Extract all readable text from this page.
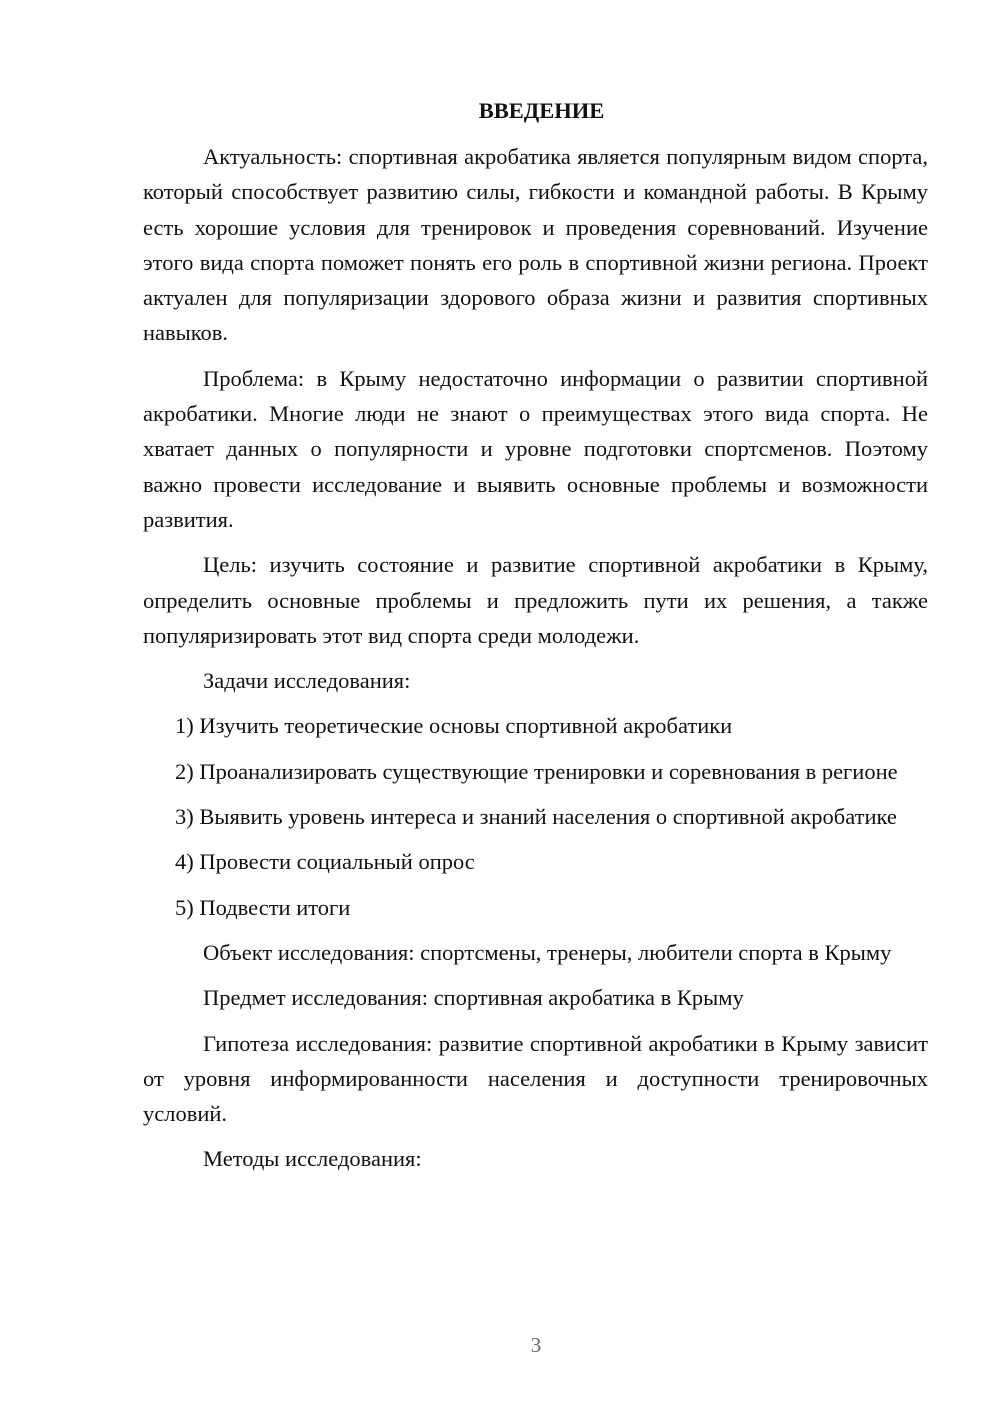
ВВЕДЕНИЕ

Актуальность: спортивная акробатика является популярным видом спорта, который способствует развитию силы, гибкости и командной работы. В Крыму есть хорошие условия для тренировок и проведения соревнований. Изучение этого вида спорта поможет понять его роль в спортивной жизни региона. Проект актуален для популяризации здорового образа жизни и развития спортивных навыков.

Проблема: в Крыму недостаточно информации о развитии спортивной акробатики. Многие люди не знают о преимуществах этого вида спорта. Не хватает данных о популярности и уровне подготовки спортсменов. Поэтому важно провести исследование и выявить основные проблемы и возможности развития.

Цель: изучить состояние и развитие спортивной акробатики в Крыму, определить основные проблемы и предложить пути их решения, а также популяризировать этот вид спорта среди молодежи.

Задачи исследования:

1) Изучить теоретические основы спортивной акробатики

2) Проанализировать существующие тренировки и соревнования в регионе

3) Выявить уровень интереса и знаний населения о спортивной акробатике

4) Провести социальный опрос

5) Подвести итоги

Объект исследования: спортсмены, тренеры, любители спорта в Крыму

Предмет исследования: спортивная акробатика в Крыму

Гипотеза исследования: развитие спортивной акробатики в Крыму зависит от уровня информированности населения и доступности тренировочных условий.

Методы исследования:

3
